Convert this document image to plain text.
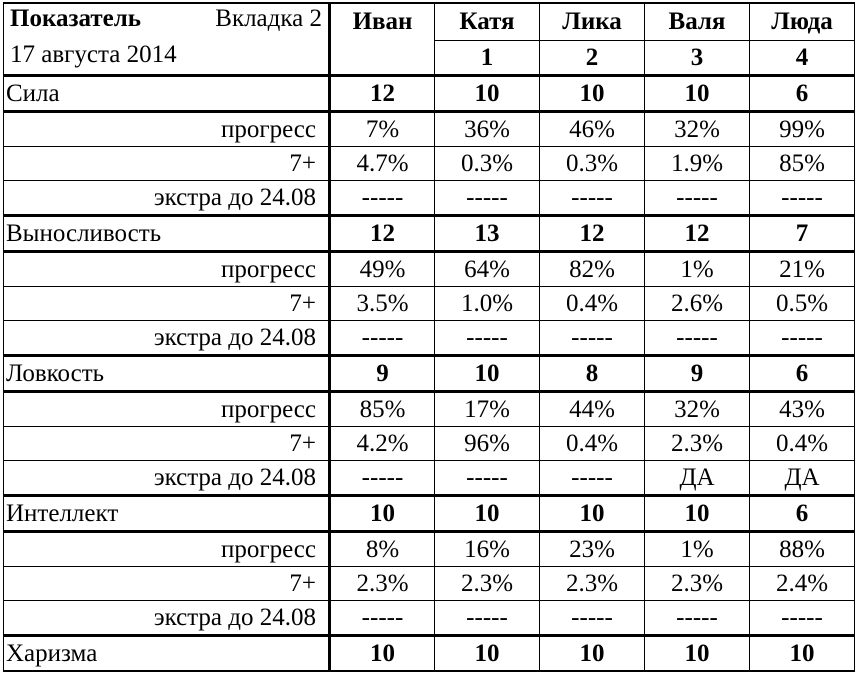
Показатель Вкладка 2
17 августа 2014	Иван	Катя	Лика	Валя	Люда
		1	2	3	4
Сила	12	10	10	10	6
прогресс	7%	36%	46%	32%	99%
7+	4.7%	0.3%	0.3%	1.9%	85%
экстра до 24.08	-----	-----	-----	-----	-----
Выносливость	12	13	12	12	7
прогресс	49%	64%	82%	1%	21%
7+	3.5%	1.0%	0.4%	2.6%	0.5%
экстра до 24.08	-----	-----	-----	-----	-----
Ловкость	9	10	8	9	6
прогресс	85%	17%	44%	32%	43%
7+	4.2%	96%	0.4%	2.3%	0.4%
экстра до 24.08	-----	-----	-----	ДА	ДА
Интеллект	10	10	10	10	6
прогресс	8%	16%	23%	1%	88%
7+	2.3%	2.3%	2.3%	2.3%	2.4%
экстра до 24.08	-----	-----	-----	-----	-----
Харизма	10	10	10	10	10
